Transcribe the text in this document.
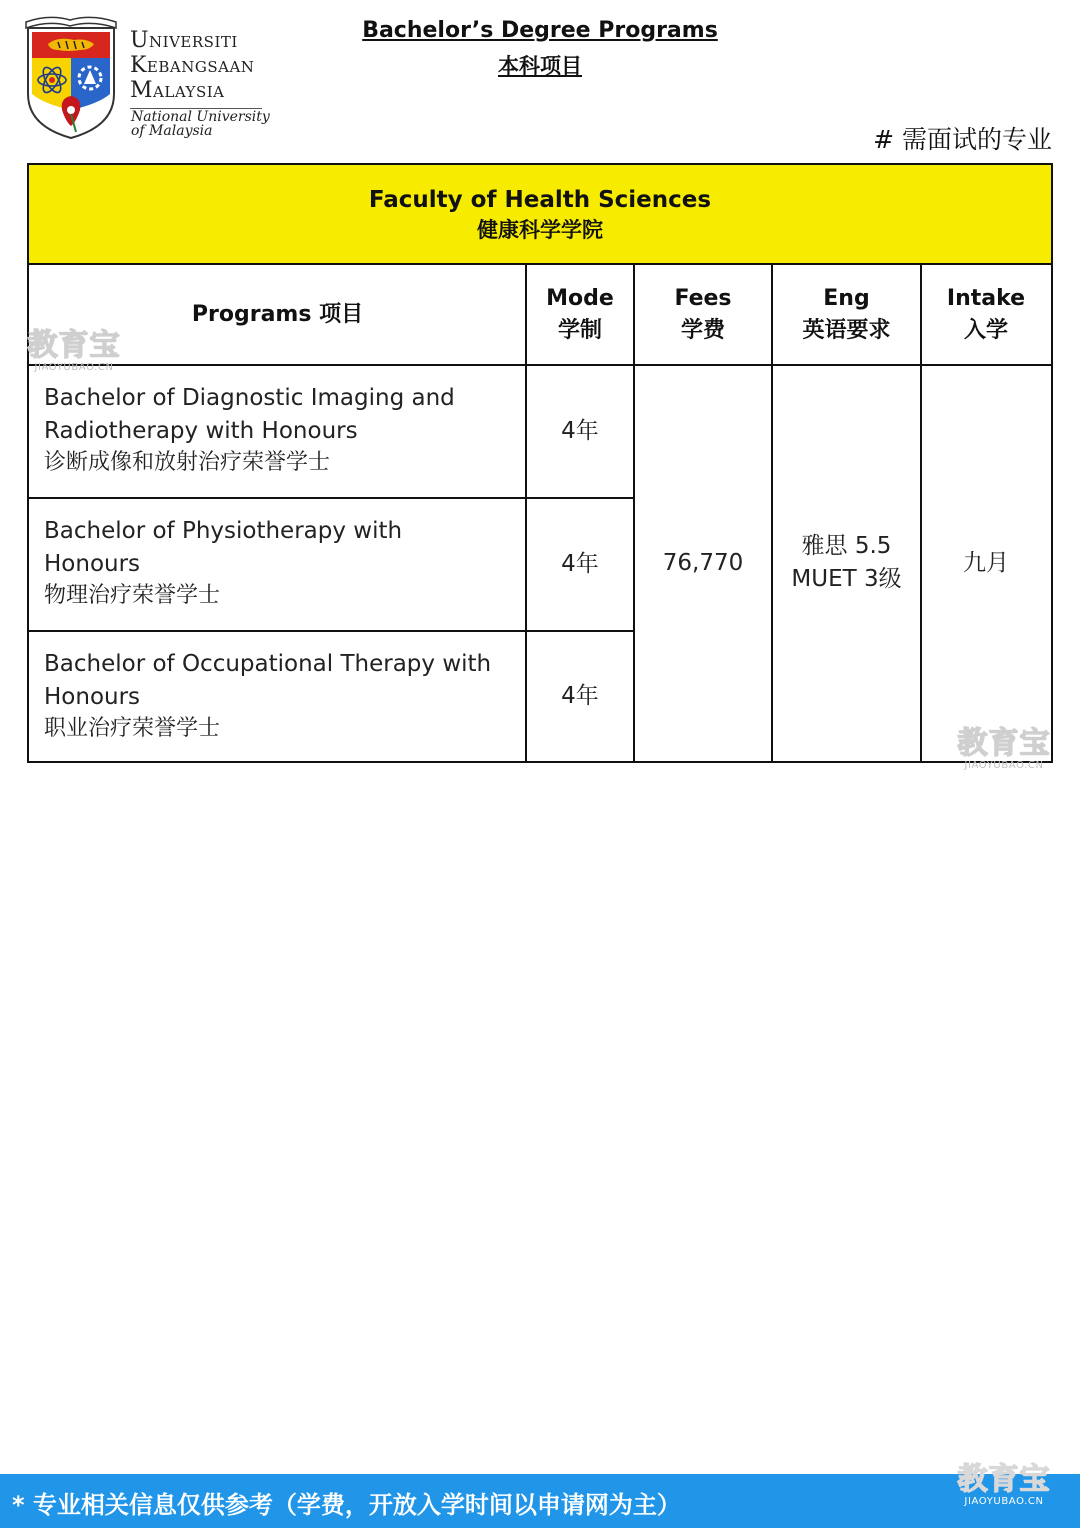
Universiti
Kebangsaan
Malaysia
National University
of Malaysia
Bachelor’s Degree Programs
本科项目
# 需面试的专业
Faculty of Health Sciences
健康科学学院
Programs 项目
Mode
学制
Fees
学费
Eng
英语要求
Intake
入学
Bachelor of Diagnostic Imaging and
Radiotherapy with Honours
诊断成像和放射治疗荣誉学士
4年
Bachelor of Physiotherapy with
Honours
物理治疗荣誉学士
4年
Bachelor of Occupational Therapy with
Honours
职业治疗荣誉学士
4年
76,770
雅思 5.5
MUET 3级
九月
教育宝
JIAOYUBAO.CN
教育宝
JIAOYUBAO.CN
* 专业相关信息仅供参考（学费，开放入学时间以申请网为主）
教育宝
JIAOYUBAO.CN
